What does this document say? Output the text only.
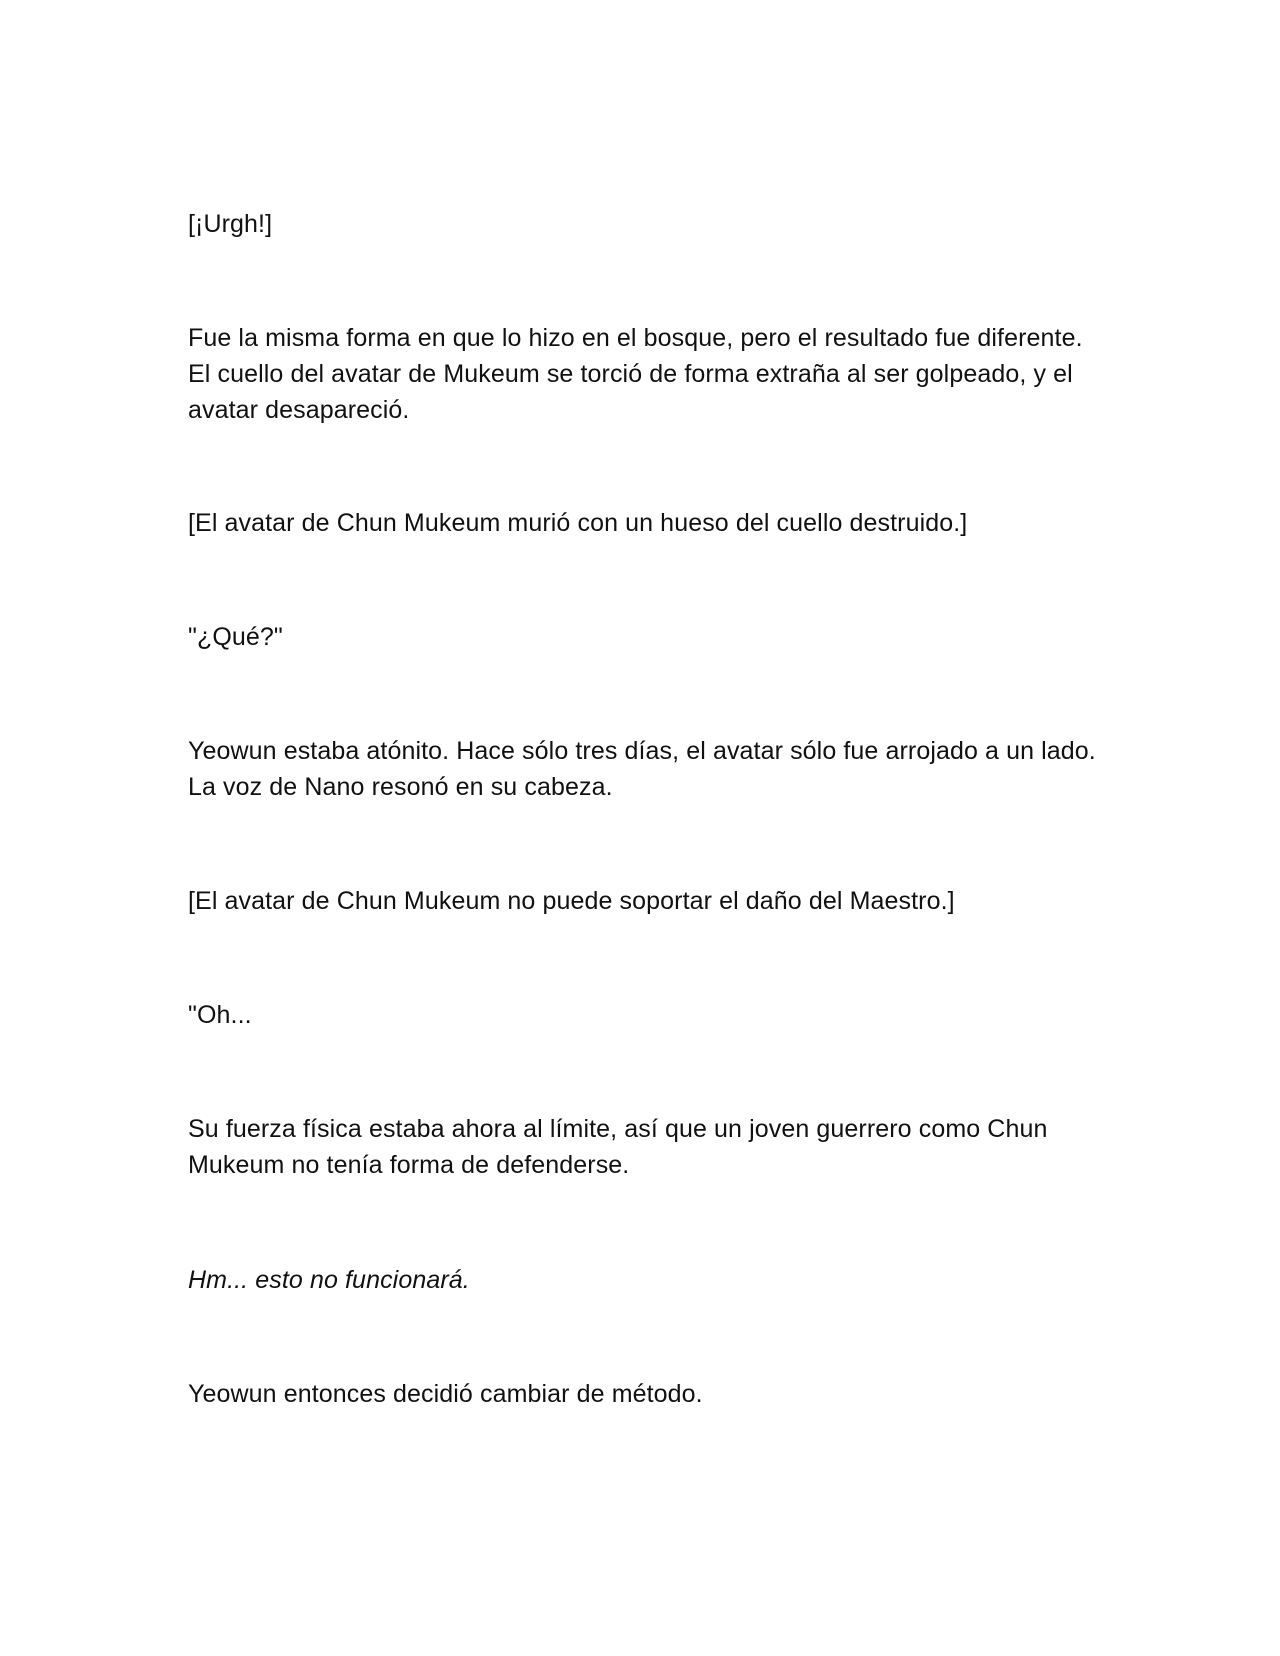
[¡Urgh!]

Fue la misma forma en que lo hizo en el bosque, pero el resultado fue diferente. El cuello del avatar de Mukeum se torció de forma extraña al ser golpeado, y el avatar desapareció.

[El avatar de Chun Mukeum murió con un hueso del cuello destruido.]

"¿Qué?"

Yeowun estaba atónito. Hace sólo tres días, el avatar sólo fue arrojado a un lado. La voz de Nano resonó en su cabeza.

[El avatar de Chun Mukeum no puede soportar el daño del Maestro.]

"Oh...

Su fuerza física estaba ahora al límite, así que un joven guerrero como Chun Mukeum no tenía forma de defenderse.

Hm... esto no funcionará.

Yeowun entonces decidió cambiar de método.
